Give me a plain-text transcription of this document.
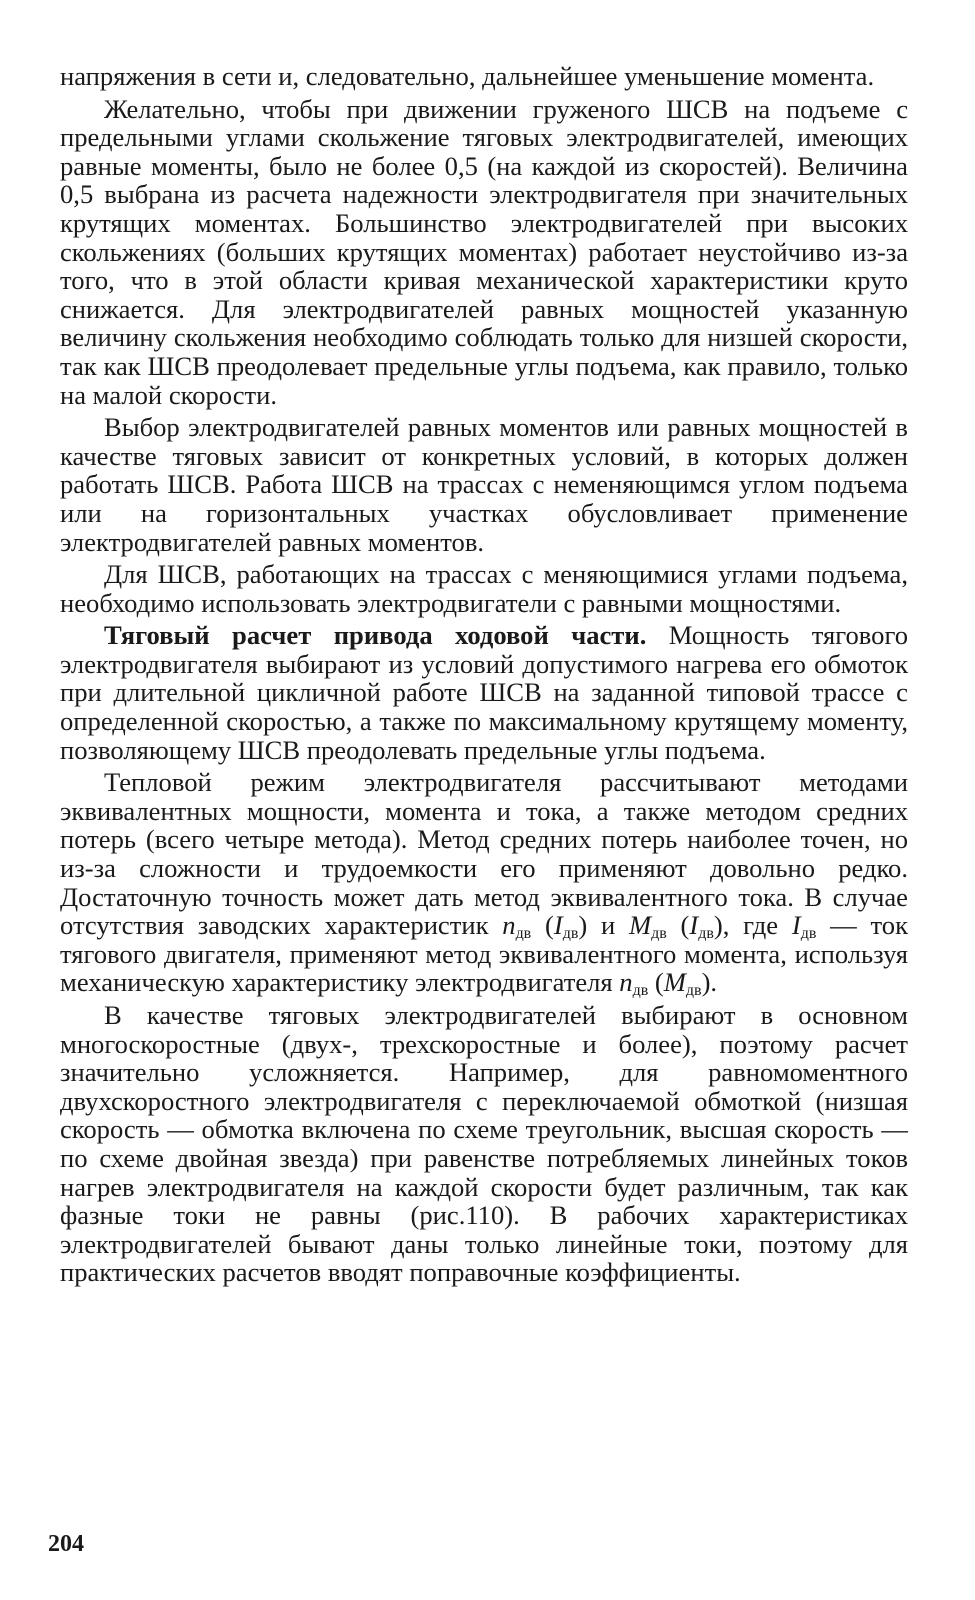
напряжения в сети и, следовательно, дальнейшее уменьшение момента.

Желательно, чтобы при движении груженого ШСВ на подъеме с предельными углами скольжение тяговых электродвигателей, имеющих равные моменты, было не более 0,5 (на каждой из скоростей). Величина 0,5 выбрана из расчета надежности электродвигателя при значительных крутящих моментах. Большинство электродвигателей при высоких скольжениях (больших крутящих моментах) работает неустойчиво из-за того, что в этой области кривая механической характеристики круто снижается. Для электродвигателей равных мощностей указанную величину скольжения необходимо соблюдать только для низшей скорости, так как ШСВ преодолевает предельные углы подъема, как правило, только на малой скорости.

Выбор электродвигателей равных моментов или равных мощностей в качестве тяговых зависит от конкретных условий, в которых должен работать ШСВ. Работа ШСВ на трассах с неменяющимся углом подъема или на горизонтальных участках обусловливает применение электродвигателей равных моментов.

Для ШСВ, работающих на трассах с меняющимися углами подъема, необходимо использовать электродвигатели с равными мощностями.

Тяговый расчет привода ходовой части. Мощность тягового электродвигателя выбирают из условий допустимого нагрева его обмоток при длительной цикличной работе ШСВ на заданной типовой трассе с определенной скоростью, а также по максимальному крутящему моменту, позволяющему ШСВ преодолевать предельные углы подъема.

Тепловой режим электродвигателя рассчитывают методами эквивалентных мощности, момента и тока, а также методом средних потерь (всего четыре метода). Метод средних потерь наиболее точен, но из-за сложности и трудоемкости его применяют довольно редко. Достаточную точность может дать метод эквивалентного тока. В случае отсутствия заводских характеристик $n_{дв}$ $(I_{дв})$ и $M_{дв}$ $(I_{дв})$, где $I_{дв}$ — ток тягового двигателя, применяют метод эквивалентного момента, используя механическую характеристику электродвигателя $n_{дв}$ $(M_{дв})$.

В качестве тяговых электродвигателей выбирают в основном многоскоростные (двух-, трехскоростные и более), поэтому расчет значительно усложняется. Например, для равномоментного двухскоростного электродвигателя с переключаемой обмоткой (низшая скорость — обмотка включена по схеме треугольник, высшая скорость — по схеме двойная звезда) при равенстве потребляемых линейных токов нагрев электродвигателя на каждой скорости будет различным, так как фазные токи не равны (рис.110). В рабочих характеристиках электродвигателей бывают даны только линейные токи, поэтому для практических расчетов вводят поправочные коэффициенты.

204
